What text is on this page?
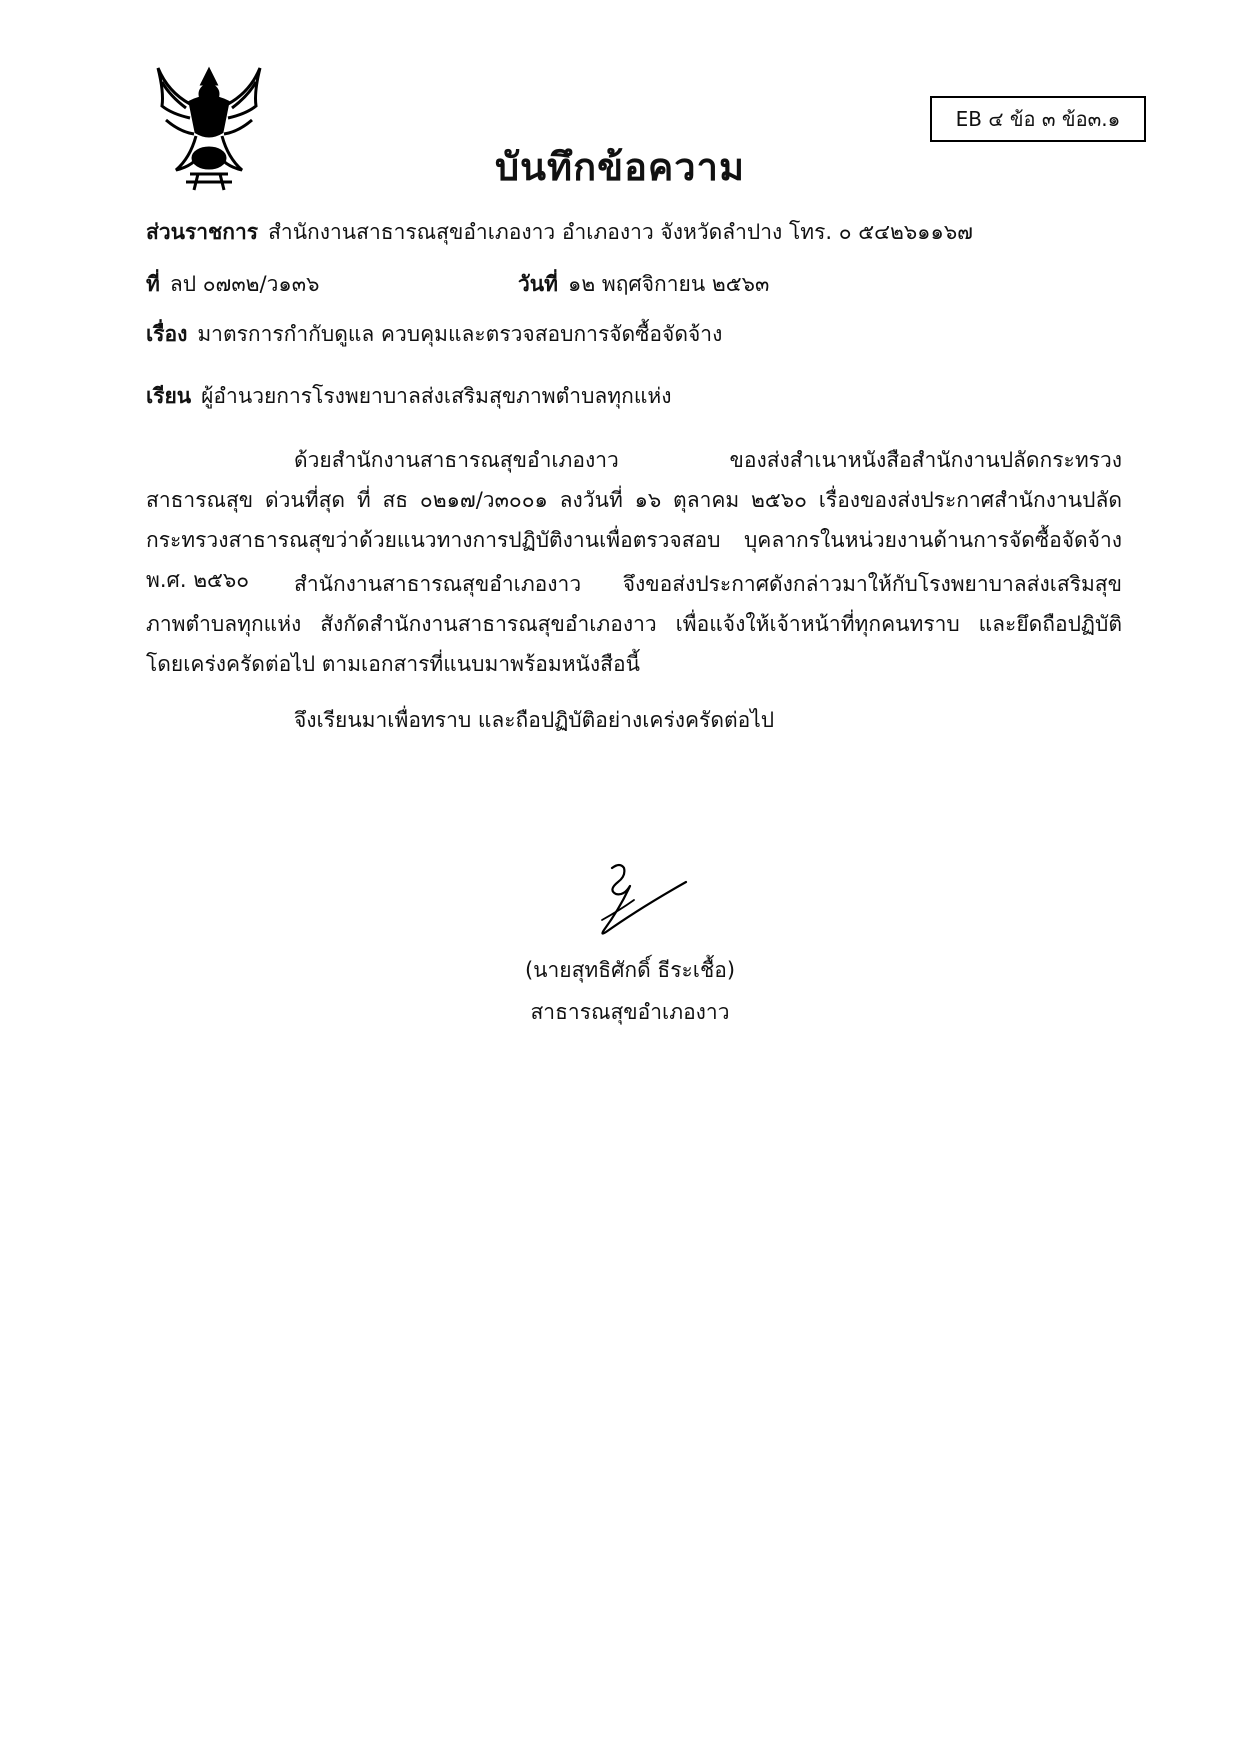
EB ๔ ข้อ ๓ ข้อ๓.๑
บันทึกข้อความ
ส่วนราชการ สำนักงานสาธารณสุขอำเภองาว อำเภองาว จังหวัดลำปาง โทร. ๐ ๕๔๒๖๑๑๖๗
ที่ ลป ๐๗๓๒/ว๑๓๖	วันที่ ๑๒ พฤศจิกายน ๒๕๖๓
เรื่อง มาตรการกำกับดูแล ควบคุมและตรวจสอบการจัดซื้อจัดจ้าง
เรียน ผู้อำนวยการโรงพยาบาลส่งเสริมสุขภาพตำบลทุกแห่ง
ด้วยสำนักงานสาธารณสุขอำเภองาว ของส่งสำเนาหนังสือสำนักงานปลัดกระทรวงสาธารณสุข ด่วนที่สุด ที่ สธ ๐๒๑๗/ว๓๐๐๑ ลงวันที่ ๑๖ ตุลาคม ๒๕๖๐ เรื่องของส่งประกาศสำนักงานปลัดกระทรวงสาธารณสุขว่าด้วยแนวทางการปฏิบัติงานเพื่อตรวจสอบ บุคลากรในหน่วยงานด้านการจัดซื้อจัดจ้าง พ.ศ. ๒๕๖๐	สำนักงานสาธารณสุขอำเภองาว จึงขอส่งประกาศดังกล่าวมาให้กับโรงพยาบาลส่งเสริมสุขภาพตำบลทุกแห่ง สังกัดสำนักงานสาธารณสุขอำเภองาว เพื่อแจ้งให้เจ้าหน้าที่ทุกคนทราบ และยึดถือปฏิบัติโดยเคร่งครัดต่อไป ตามเอกสารที่แนบมาพร้อมหนังสือนี้
จึงเรียนมาเพื่อทราบ และถือปฏิบัติอย่างเคร่งครัดต่อไป
(นายสุทธิศักดิ์ ธีระเชื้อ)
สาธารณสุขอำเภองาว
